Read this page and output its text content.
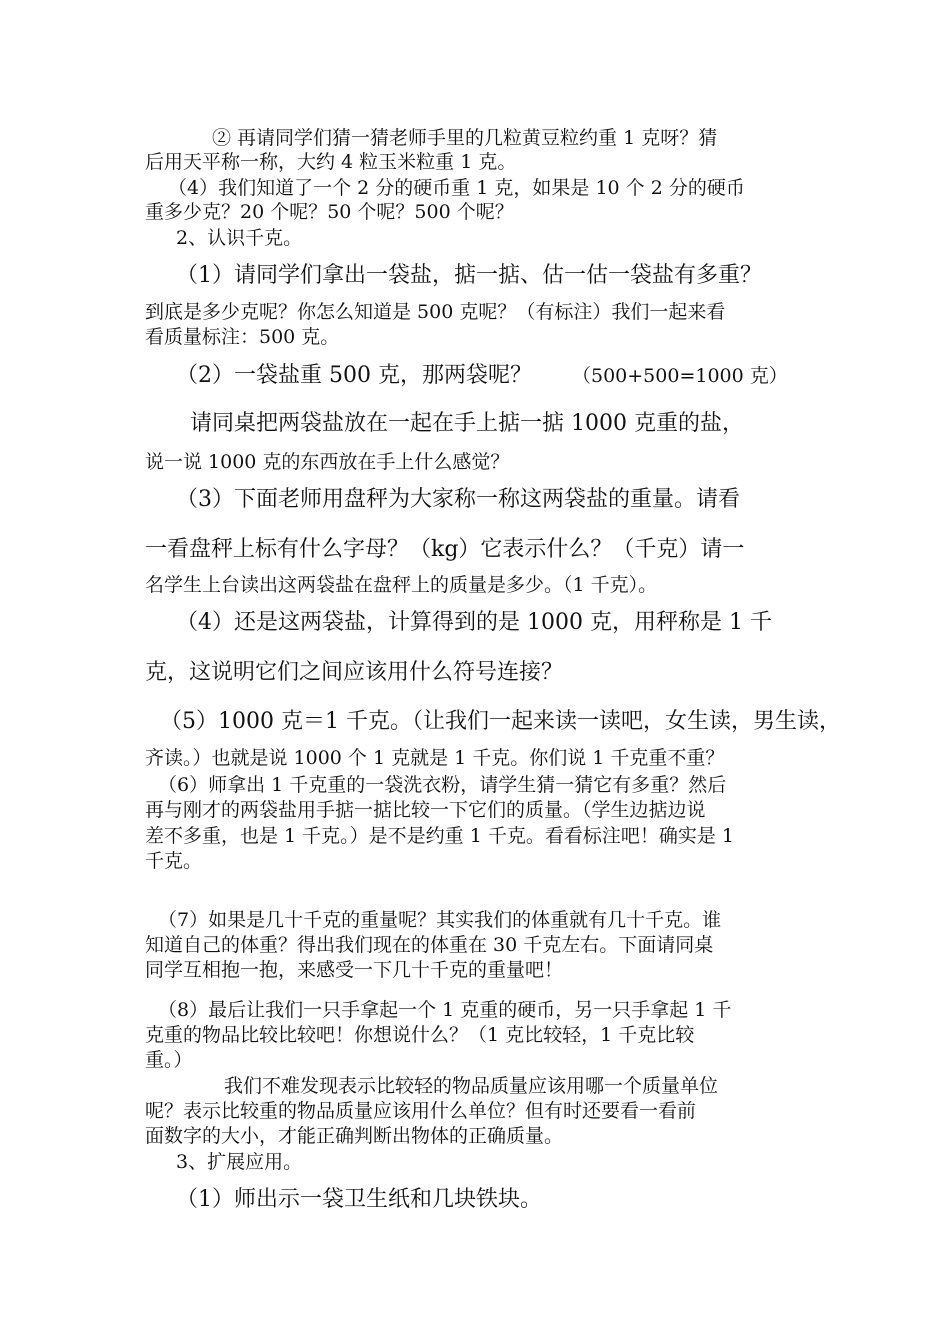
② 再请同学们猜一猜老师手里的几粒黄豆粒约重 1 克呀？猜
后用天平称一称，大约 4 粒玉米粒重 1 克。
（4）我们知道了一个 2 分的硬币重 1 克，如果是 10 个 2 分的硬币
重多少克？20 个呢？50 个呢？500 个呢？
2、认识千克。
（1）请同学们拿出一袋盐，掂一掂、估一估一袋盐有多重？
到底是多少克呢？你怎么知道是 500 克呢？（有标注）我们一起来看
看质量标注：500 克。
（2）一袋盐重 500 克，那两袋呢？ （500+500=1000 克）
请同桌把两袋盐放在一起在手上掂一掂 1000 克重的盐，
说一说 1000 克的东西放在手上什么感觉？
（3）下面老师用盘秤为大家称一称这两袋盐的重量。请看
一看盘秤上标有什么字母？（kg）它表示什么？（千克）请一
名学生上台读出这两袋盐在盘秤上的质量是多少。（1 千克）。
（4）还是这两袋盐，计算得到的是 1000 克，用秤称是 1 千
克，这说明它们之间应该用什么符号连接？
（5）1000 克＝1 千克。（让我们一起来读一读吧，女生读，男生读，
齐读。）也就是说 1000 个 1 克就是 1 千克。你们说 1 千克重不重？
（6）师拿出 1 千克重的一袋洗衣粉，请学生猜一猜它有多重？然后
再与刚才的两袋盐用手掂一掂比较一下它们的质量。（学生边掂边说
差不多重，也是 1 千克。）是不是约重 1 千克。看看标注吧！确实是 1
千克。
（7）如果是几十千克的重量呢？其实我们的体重就有几十千克。谁
知道自己的体重？得出我们现在的体重在 30 千克左右。下面请同桌
同学互相抱一抱，来感受一下几十千克的重量吧！
（8）最后让我们一只手拿起一个 1 克重的硬币，另一只手拿起 1 千
克重的物品比较比较吧！你想说什么？（1 克比较轻，1 千克比较
重。）
我们不难发现表示比较轻的物品质量应该用哪一个质量单位
呢？表示比较重的物品质量应该用什么单位？但有时还要看一看前
面数字的大小，才能正确判断出物体的正确质量。
3、扩展应用。
（1）师出示一袋卫生纸和几块铁块。
